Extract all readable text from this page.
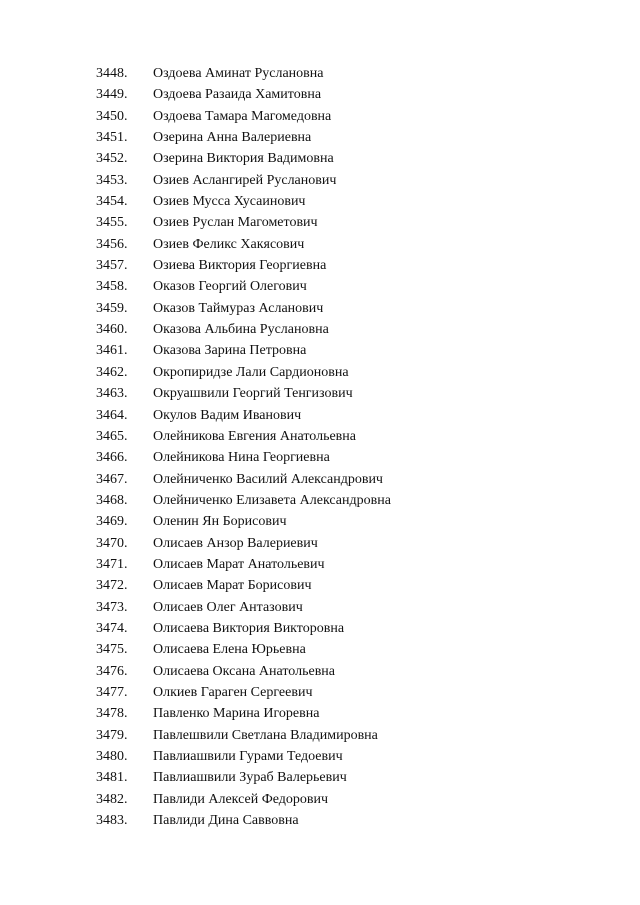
3448. Оздоева Аминат Руслановна
3449. Оздоева Разаида Хамитовна
3450. Оздоева Тамара Магомедовна
3451. Озерина Анна Валериевна
3452. Озерина Виктория Вадимовна
3453. Озиев Аслангирей Русланович
3454. Озиев Мусса Хусаинович
3455. Озиев Руслан Магометович
3456. Озиев Феликс Хакясович
3457. Озиева Виктория Георгиевна
3458. Оказов Георгий Олегович
3459. Оказов Таймураз Асланович
3460. Оказова Альбина Руслановна
3461. Оказова Зарина Петровна
3462. Окропиридзе Лали Сардионовна
3463. Окруашвили Георгий Тенгизович
3464. Окулов Вадим Иванович
3465. Олейникова Евгения Анатольевна
3466. Олейникова Нина Георгиевна
3467. Олейниченко Василий Александрович
3468. Олейниченко Елизавета Александровна
3469. Оленин Ян Борисович
3470. Олисаев Анзор Валериевич
3471. Олисаев Марат Анатольевич
3472. Олисаев Марат Борисович
3473. Олисаев Олег Антазович
3474. Олисаева Виктория Викторовна
3475. Олисаева Елена Юрьевна
3476. Олисаева Оксана Анатольевна
3477. Олкиев Гараген Сергеевич
3478. Павленко Марина Игоревна
3479. Павлешвили Светлана Владимировна
3480. Павлиашвили Гурами Тедоевич
3481. Павлиашвили Зураб Валерьевич
3482. Павлиди Алексей Федорович
3483. Павлиди Дина Саввовна
